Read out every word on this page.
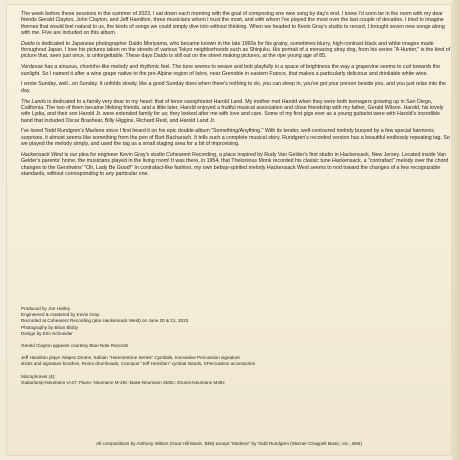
The week before these sessions in the summer of 2023, I sat down each morning with the goal of composing one new song by day's end. I knew I'd soon be in the room with my dear friends Gerald Clayton, John Clayton, and Jeff Hamilton, three musicians whom I trust the most, and with whom I've played the most over the last couple of decades. I tried to imagine themes that would feel natural to us, the kinds of songs we could simply dive into without thinking. When we headed to Kevin Gray's studio to record, I brought seven new songs along with me. Five are included on this album.

Daido is dedicated to Japanese photographer Daido Moriyama, who became known in the late 1960s for his grainy, sometimes blurry, high-contrast black and white images made throughout Japan. I love his pictures taken on the streets of various Tokyo neighborhoods such as Shinjuku. His portrait of a menacing stray dog, from his series "A Hunter," is the kind of picture that, seen just once, is unforgettable. These days Daido is still out on the street making pictures, at the ripe young age of 85.

Verdesse has a sinuous, chorinho-like melody and rhythmic feel. The tune seems to weave and bob playfully in a space of brightness the way a grapevine seems to curl towards the sunlight. So I named it after a wine grape native to the pre-Alpine region of Isère, near Grenoble in eastern France, that makes a particularly delicious and drinkable white wine.

I wrote Sunday, well...on Sunday. It unfolds slowly, like a good Sunday does when there's nothing to do, you can sleep in, you've got your person beside you, and you just relax into the day.

The Lands is dedicated to a family very dear to my heart: that of tenor saxophonist Harold Land. My mother met Harold when they were both teenagers growing up in San Diego, California. The two of them became lifelong friends, and a little later, Harold enjoyed a fruitful musical association and close friendship with my father, Gerald Wilson. Harold, his lovely wife Lydia, and their son Harold Jr. were extended family for us; they looked after me with love and care. Some of my first gigs ever as a young guitarist were with Harold's incredible band that included Oscar Brashear, Billy Higgins, Richard Reid, and Harold Land Jr.

I've loved Todd Rundgren's Marlene since I first heard it on his epic double-album "Something/Anything." With its tender, well-contoured melody buoyed by a few special harmonic surprises, it almost seems like something from the pen of Burt Bacharach. It tells such a complete musical story. Rundgren's recorded version has a beautiful endlessly repeating tag. So we played the melody simply, and used the tag as a small staging area for a bit of improvising.

Hackensack West is our plea for engineer Kevin Gray's studio Cohearent Recording, a place inspired by Rudy Van Gelder's first studio in Hackensack, New Jersey. Located inside Van Gelder's parents' home, the musicians played in the living room! It was there, in 1954, that Thelonious Monk recorded his classic tune Hackensack, a "contrafact" melody over the chord changes to the Gershwins' "Oh, Lady Be Good!" In contrafact-like fashion, my own bebop-spirited melody Hackensack West seems to nod toward the changes of a few recognizable standards, without corresponding to any particular one.

Produced by Joe Harley
Engineered & mastered by Kevin Gray
Recorded at Cohearent Recording (aka Hackensack West) on June 20 & 21, 2023
Photography by Brian Bloby
Design by Erin Schneider
Gerald Clayton appears courtesy Blue Note Records
Jeff Hamilton plays: Mapex Drums, Sabian "Hammertone Series" Cymbals, Innovative Percussion signature
sticks and signature brushes, Remo drumheads, Canopus "Jeff Hamilton" cymbal stands, XPercussion accessories
Microphones (4):
Guitar/amp-Neumann U-47; Piano- Neumann M-49c; Bass-Neumann SM2c; Drums-Neumann M49c
All compositions by Anthony Wilson (Goat Hill Music, BMI) except "Marlene" by Todd Rundgren (Warner-Chappell Music, Inc., BMI)
